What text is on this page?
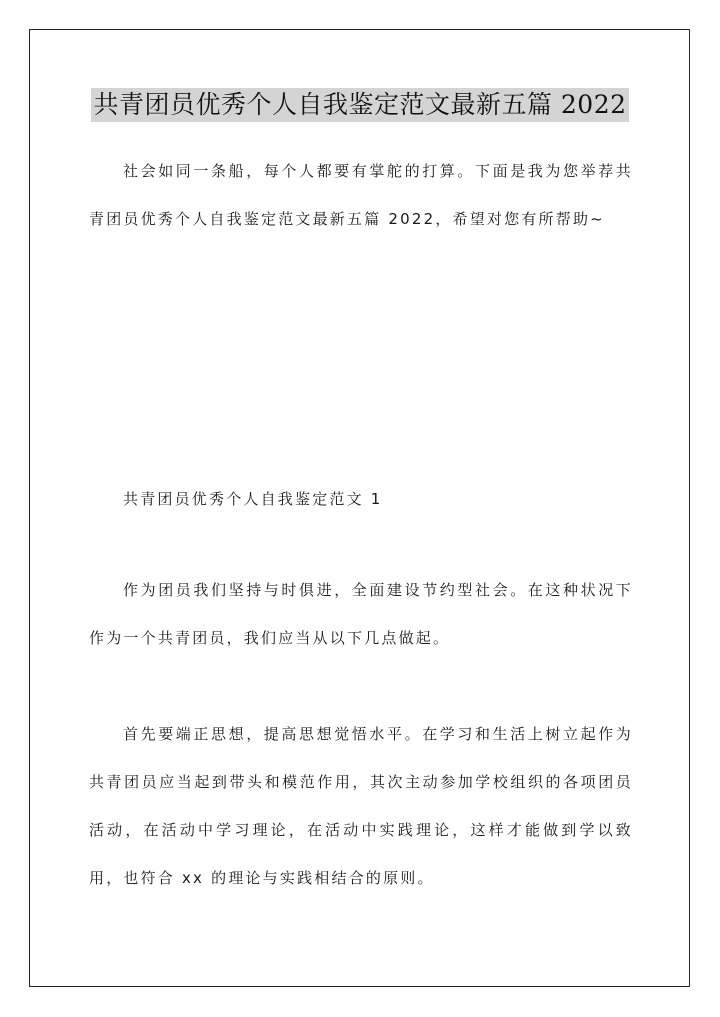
共青团员优秀个人自我鉴定范文最新五篇 2022

社会如同一条船，每个人都要有掌舵的打算。下面是我为您举荐共青团员优秀个人自我鉴定范文最新五篇 2022，希望对您有所帮助~

共青团员优秀个人自我鉴定范文 1

作为团员我们坚持与时俱进，全面建设节约型社会。在这种状况下作为一个共青团员，我们应当从以下几点做起。

首先要端正思想，提高思想觉悟水平。在学习和生活上树立起作为共青团员应当起到带头和模范作用，其次主动参加学校组织的各项团员活动，在活动中学习理论，在活动中实践理论，这样才能做到学以致用，也符合 xx 的理论与实践相结合的原则。
